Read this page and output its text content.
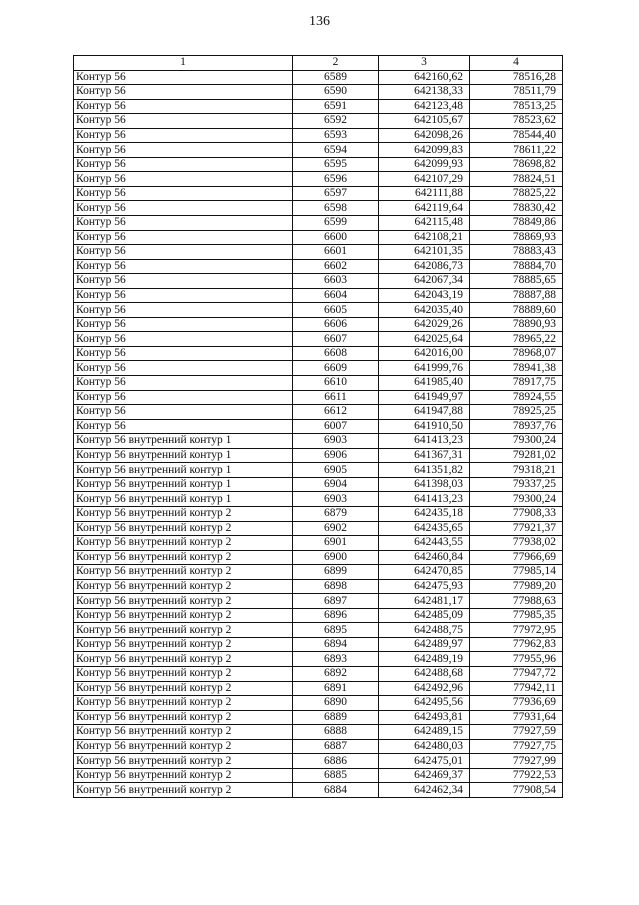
136
1	2	3	4
Контур 56	6589	642160,62	78516,28
Контур 56	6590	642138,33	78511,79
Контур 56	6591	642123,48	78513,25
Контур 56	6592	642105,67	78523,62
Контур 56	6593	642098,26	78544,40
Контур 56	6594	642099,83	78611,22
Контур 56	6595	642099,93	78698,82
Контур 56	6596	642107,29	78824,51
Контур 56	6597	642111,88	78825,22
Контур 56	6598	642119,64	78830,42
Контур 56	6599	642115,48	78849,86
Контур 56	6600	642108,21	78869,93
Контур 56	6601	642101,35	78883,43
Контур 56	6602	642086,73	78884,70
Контур 56	6603	642067,34	78885,65
Контур 56	6604	642043,19	78887,88
Контур 56	6605	642035,40	78889,60
Контур 56	6606	642029,26	78890,93
Контур 56	6607	642025,64	78965,22
Контур 56	6608	642016,00	78968,07
Контур 56	6609	641999,76	78941,38
Контур 56	6610	641985,40	78917,75
Контур 56	6611	641949,97	78924,55
Контур 56	6612	641947,88	78925,25
Контур 56	6007	641910,50	78937,76
Контур 56 внутренний контур 1	6903	641413,23	79300,24
Контур 56 внутренний контур 1	6906	641367,31	79281,02
Контур 56 внутренний контур 1	6905	641351,82	79318,21
Контур 56 внутренний контур 1	6904	641398,03	79337,25
Контур 56 внутренний контур 1	6903	641413,23	79300,24
Контур 56 внутренний контур 2	6879	642435,18	77908,33
Контур 56 внутренний контур 2	6902	642435,65	77921,37
Контур 56 внутренний контур 2	6901	642443,55	77938,02
Контур 56 внутренний контур 2	6900	642460,84	77966,69
Контур 56 внутренний контур 2	6899	642470,85	77985,14
Контур 56 внутренний контур 2	6898	642475,93	77989,20
Контур 56 внутренний контур 2	6897	642481,17	77988,63
Контур 56 внутренний контур 2	6896	642485,09	77985,35
Контур 56 внутренний контур 2	6895	642488,75	77972,95
Контур 56 внутренний контур 2	6894	642489,97	77962,83
Контур 56 внутренний контур 2	6893	642489,19	77955,96
Контур 56 внутренний контур 2	6892	642488,68	77947,72
Контур 56 внутренний контур 2	6891	642492,96	77942,11
Контур 56 внутренний контур 2	6890	642495,56	77936,69
Контур 56 внутренний контур 2	6889	642493,81	77931,64
Контур 56 внутренний контур 2	6888	642489,15	77927,59
Контур 56 внутренний контур 2	6887	642480,03	77927,75
Контур 56 внутренний контур 2	6886	642475,01	77927,99
Контур 56 внутренний контур 2	6885	642469,37	77922,53
Контур 56 внутренний контур 2	6884	642462,34	77908,54
